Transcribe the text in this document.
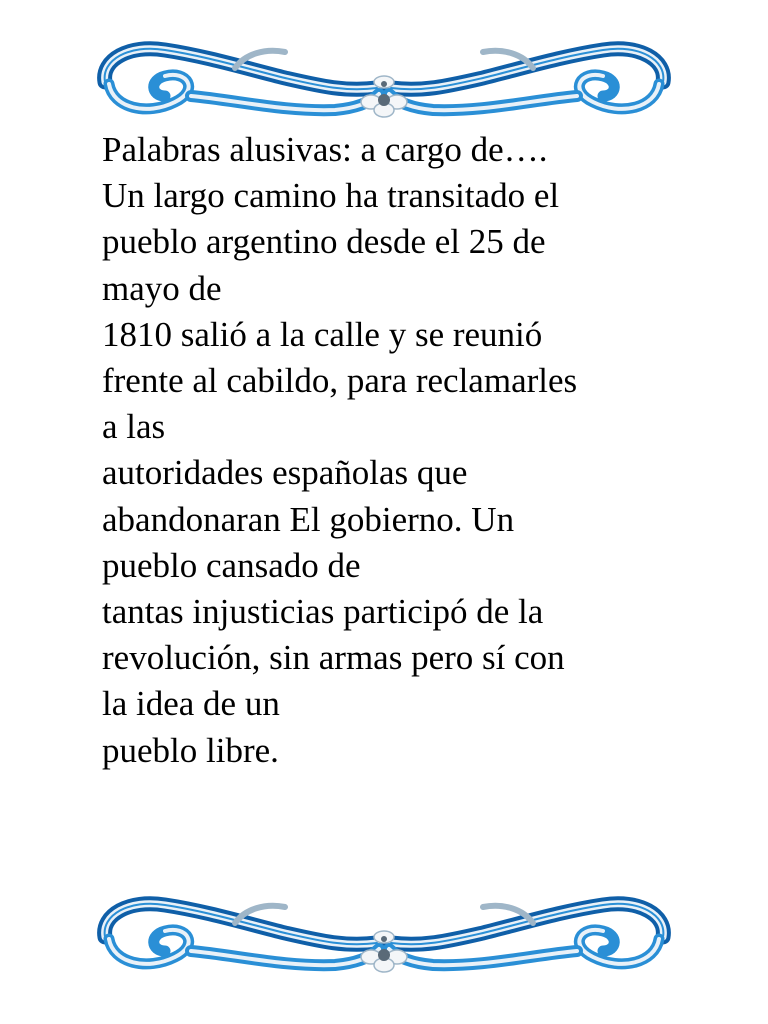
Palabras alusivas: a cargo de….
Un largo camino ha transitado el
pueblo argentino desde el 25 de
mayo de
1810 salió a la calle y se reunió
frente al cabildo, para reclamarles
a las
autoridades españolas que
abandonaran El gobierno. Un
pueblo cansado de
tantas injusticias participó de la
revolución, sin armas pero sí con
la idea de un
pueblo libre.
